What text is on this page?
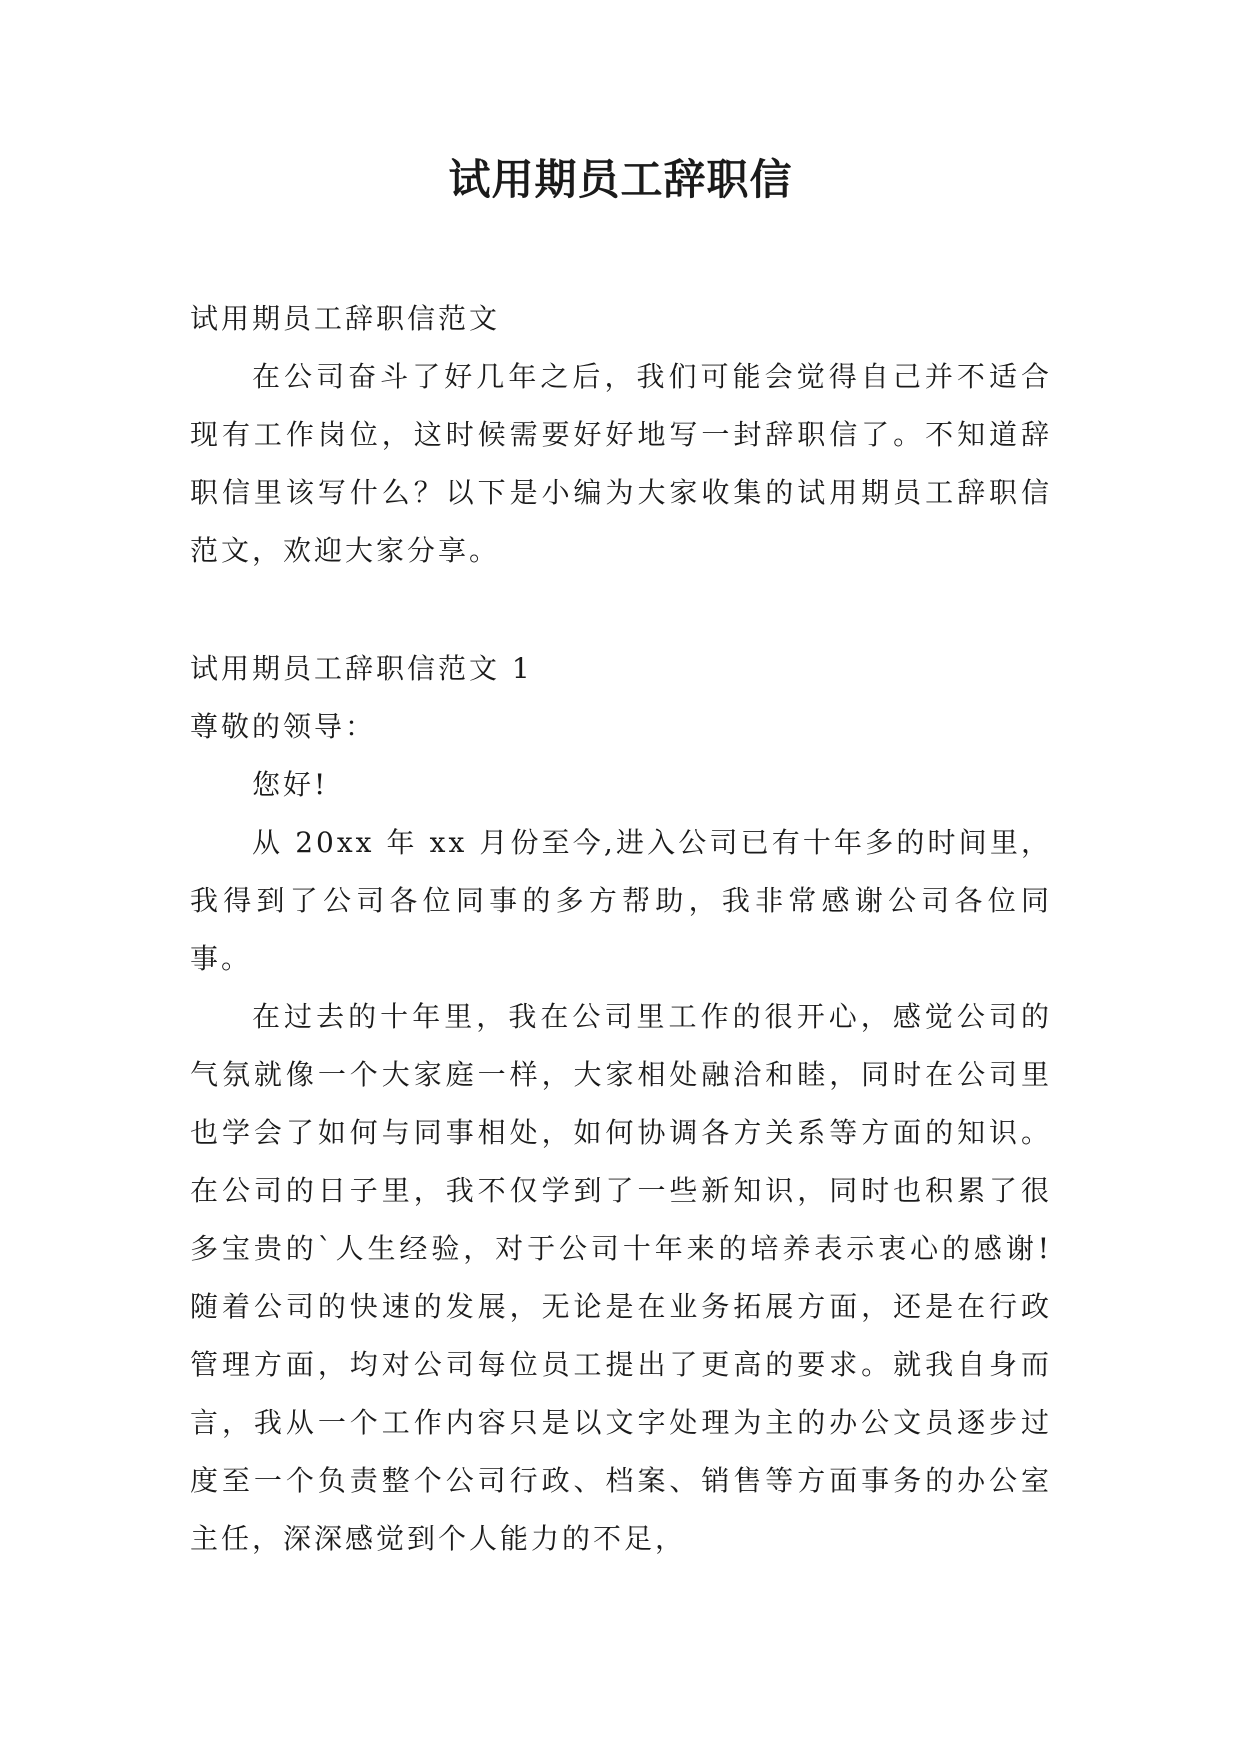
试用期员工辞职信

试用期员工辞职信范文

在公司奋斗了好几年之后，我们可能会觉得自己并不适合现有工作岗位，这时候需要好好地写一封辞职信了。不知道辞职信里该写什么？以下是小编为大家收集的试用期员工辞职信范文，欢迎大家分享。

试用期员工辞职信范文 1

尊敬的领导：

您好!

从 20xx 年 xx 月份至今,进入公司已有十年多的时间里，我得到了公司各位同事的多方帮助，我非常感谢公司各位同事。

在过去的十年里，我在公司里工作的很开心，感觉公司的气氛就像一个大家庭一样，大家相处融洽和睦，同时在公司里也学会了如何与同事相处，如何协调各方关系等方面的知识。在公司的日子里，我不仅学到了一些新知识，同时也积累了很多宝贵的`人生经验，对于公司十年来的培养表示衷心的感谢!随着公司的快速的发展，无论是在业务拓展方面，还是在行政管理方面，均对公司每位员工提出了更高的要求。就我自身而言，我从一个工作内容只是以文字处理为主的办公文员逐步过度至一个负责整个公司行政、档案、销售等方面事务的办公室主任，深深感觉到个人能力的不足，
